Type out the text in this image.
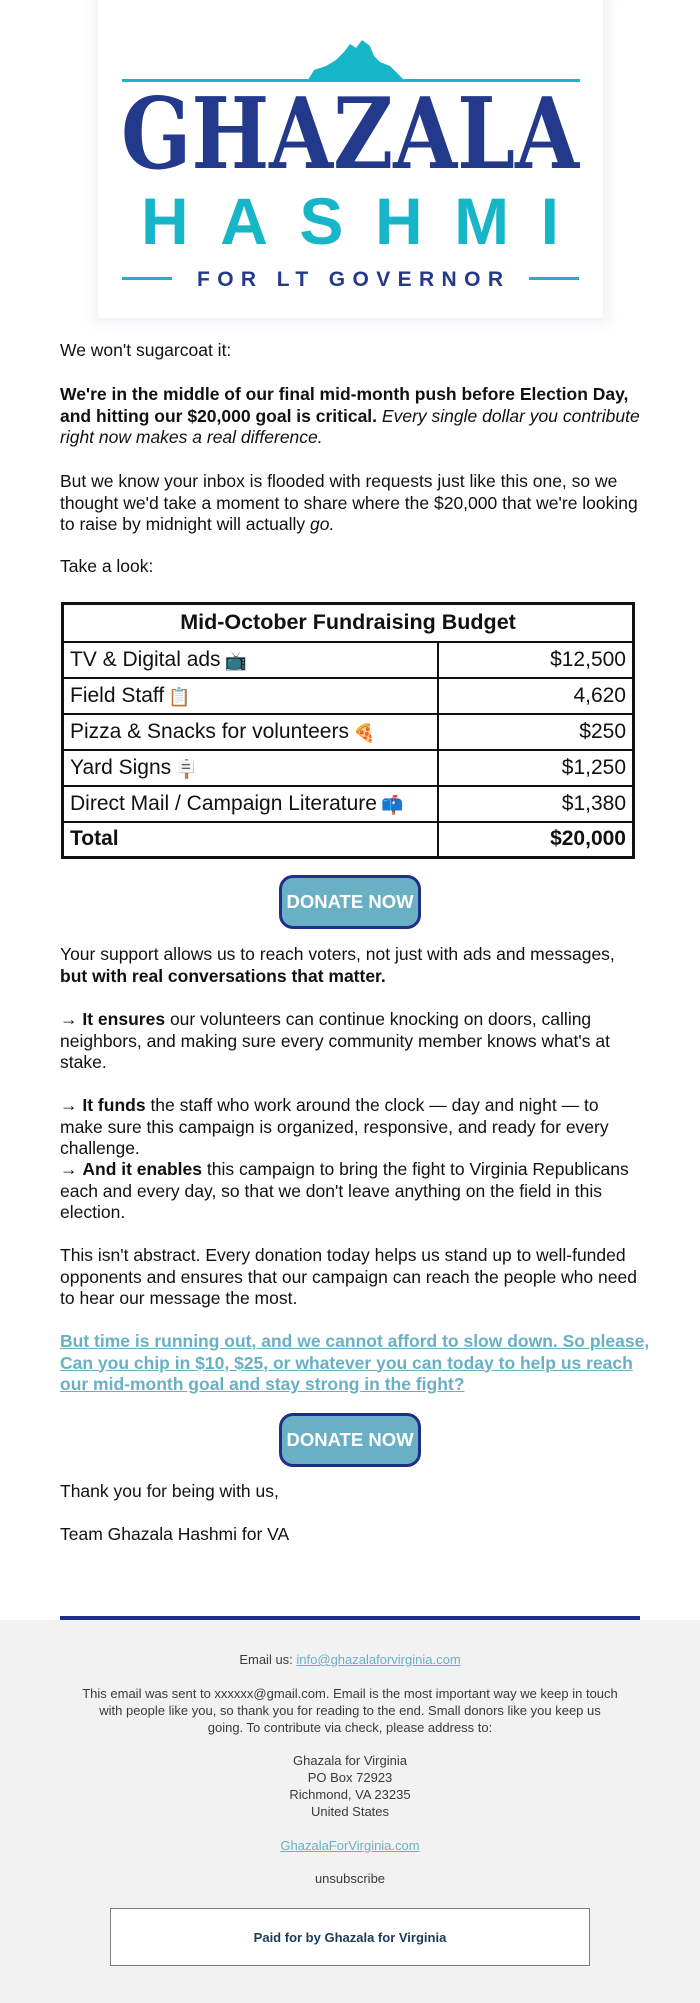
GHAZALA
HASHMI
FOR LT GOVERNOR

We won't sugarcoat it:

We're in the middle of our final mid-month push before Election Day, and hitting our $20,000 goal is critical. Every single dollar you contribute right now makes a real difference.

But we know your inbox is flooded with requests just like this one, so we thought we'd take a moment to share where the $20,000 that we're looking to raise by midnight will actually go.

Take a look:

Mid-October Fundraising Budget	
TV & Digital ads 📺	$12,500
Field Staff 📋	4,620
Pizza & Snacks for volunteers 🍕	$250
Yard Signs 🪧	$1,250
Direct Mail / Campaign Literature 📫	$1,380
Total	$20,000
DONATE NOW

Your support allows us to reach voters, not just with ads and messages, but with real conversations that matter.

→ It ensures our volunteers can continue knocking on doors, calling neighbors, and making sure every community member knows what's at stake.

→ It funds the staff who work around the clock — day and night — to make sure this campaign is organized, responsive, and ready for every challenge.

→ And it enables this campaign to bring the fight to Virginia Republicans each and every day, so that we don't leave anything on the field in this election.

This isn't abstract. Every donation today helps us stand up to well-funded opponents and ensures that our campaign can reach the people who need to hear our message the most.

But time is running out, and we cannot afford to slow down. So please, Can you chip in $10, $25, or whatever you can today to help us reach our mid-month goal and stay strong in the fight?
DONATE NOW

Thank you for being with us,

Team Ghazala Hashmi for VA

Email us: info@ghazalaforvirginia.com
This email was sent to xxxxxx@gmail.com. Email is the most important way we keep in touch with people like you, so thank you for reading to the end. Small donors like you keep us going. To contribute via check, please address to:
Ghazala for Virginia
PO Box 72923
Richmond, VA 23235
United States
GhazalaForVirginia.com
unsubscribe
Paid for by Ghazala for Virginia
